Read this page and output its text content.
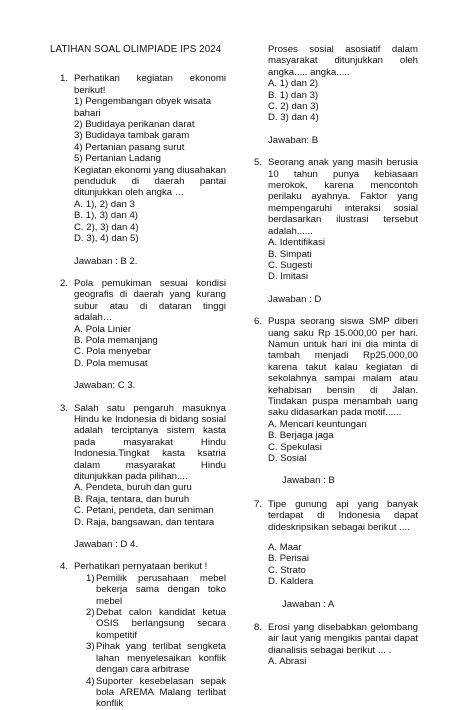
LATIHAN SOAL OLIMPIADE IPS 2024
1. Perhatikan kegiatan ekonomi berikut!
1) Pengembangan obyek wisata bahari
2) Budidaya perikanan darat
3) Budidaya tambak garam
4) Pertanian pasang surut
5) Pertanian Ladang
Kegiatan ekonomi yang diusahakan penduduk di daerah pantai ditunjukkan oleh angka …
A. 1), 2) dan 3
B. 1), 3) dan 4)
C. 2), 3) dan 4)
D. 3), 4) dan 5)
Jawaban : B 2.
2. Pola pemukiman sesuai kondisi geografis di daerah yang kurang subur atau di dataran tinggi adalah…
A. Pola Linier
B. Pola memanjang
C. Pola menyebar
D. Pola memusat
Jawaban: C 3.
3. Salah satu pengaruh masuknya Hindu ke Indonesia di bidang sosial adalah terciptanya sistem kasta pada masyarakat Hindu Indonesia.Tingkat kasta ksatria dalam masyarakat Hindu ditunjukkan pada pilihan....
A. Pendeta, buruh dan guru
B. Raja, tentara, dan buruh
C. Petani, pendeta, dan seniman
D. Raja, bangsawan, dan tentara
Jawaban : D 4.
4. Perhatikan pernyataan berikut !
1) Pemilik perusahaan mebel bekerja sama dengan toko mebel
2) Debat calon kandidat ketua OSIS berlangsung secara kompetitif
3) Pihak yang terlibat sengketa lahan menyelesaikan konflik dengan cara arbitrase
4) Suporter kesebelasan sepak bola AREMA Malang terlibat konflik
Proses sosial asosiatif dalam masyarakat ditunjukkan oleh angka..... angka.....
A. 1) dan 2)
B. 1) dan 3)
C. 2) dan 3)
D. 3) dan 4)
Jawaban: B
5. Seorang anak yang masih berusia 10 tahun punya kebiasaan merokok, karena mencontoh perilaku ayahnya. Faktor yang mempengaruhi interaksi sosial berdasarkan ilustrasi tersebut adalah......
A. Identifikasi
B. Simpati
C. Sugesti
D. Imitasi
Jawaban : D
6. Puspa seorang siswa SMP diberi uang saku Rp 15.000,00 per hari. Namun untuk hari ini dia minta di tambah menjadi Rp25.000,00 karena takut kalau kegiatan di sekolahnya sampai malam atau kehabisan bensin di Jalan. Tindakan puspa menambah uang saku didasarkan pada motif......
A. Mencari keuntungan
B. Berjaga jaga
C. Spekulasi
D. Sosial
Jawaban : B
7. Tipe gunung api yang banyak terdapat di Indonesia dapat dideskripsikan sebagai berikut ....
A. Maar
B. Perisai
C. Strato
D. Kaldera
Jawaban : A
8. Erosi yang disebabkan gelombang air laut yang mengikis pantai dapat dianalisis sebagai berikut ... .
A. Abrasi
